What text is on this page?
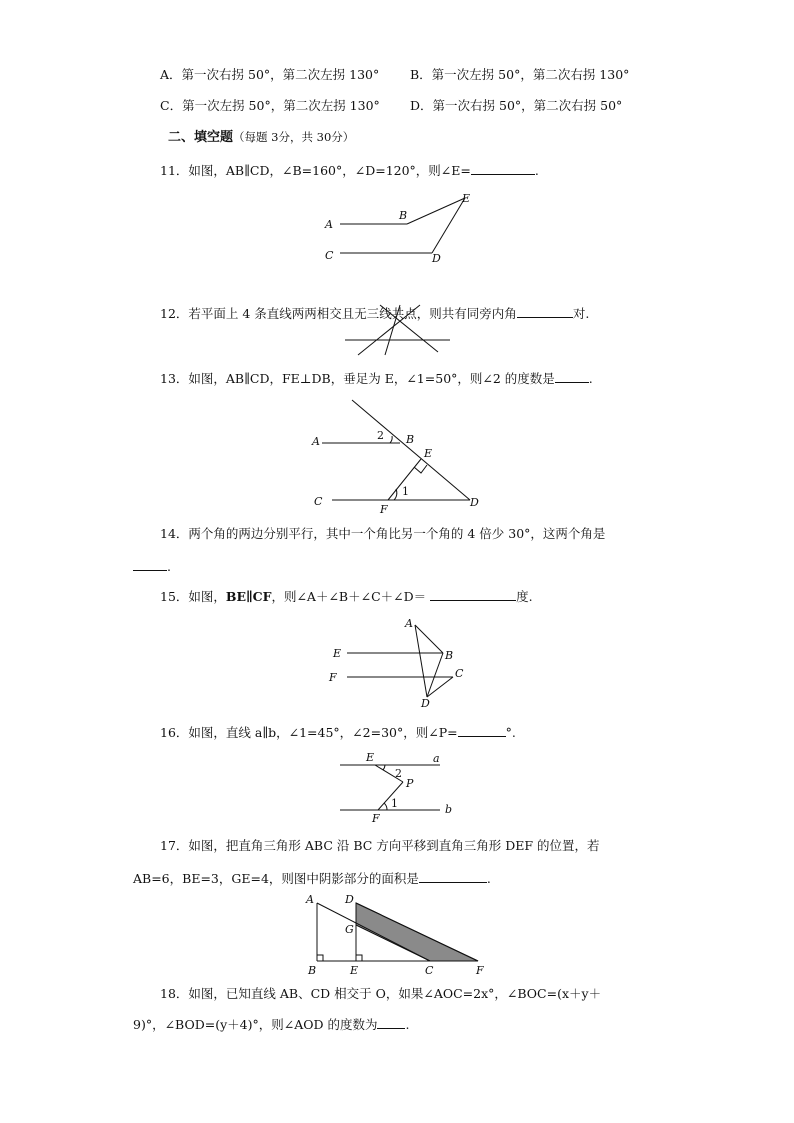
A．第一次右拐 50°，第二次左拐 130° B．第一次左拐 50°，第二次右拐 130°
C．第一次左拐 50°，第二次左拐 130° D．第一次右拐 50°，第二次右拐 50°
二、填空题（每题 3分，共 30分）
11．如图，AB∥CD，∠B=160°，∠D=120°，则∠E=	.
A
B
E
C	D
12．若平面上 4 条直线两两相交且无三线共点，则共有同旁内角	对.
13．如图，AB∥CD，FE⊥DB，垂足为 E，∠1=50°，则∠2 的度数是	.
A	B
E
C
F
D
1
2
14．两个角的两边分别平行，其中一个角比另一个角的 4 倍少 30°，这两个角是
.
15．如图，BE∥CF，则∠A＋∠B＋∠C＋∠D＝	度.
E
F
A
B
C
D
16．如图，直线 a∥b，∠1=45°，∠2=30°，则∠P=	°.
E	a
2
P
1	b
F
17．如图，把直角三角形 ABC 沿 BC 方向平移到直角三角形 DEF 的位置，若
AB=6，BE=3，GE=4，则图中阴影部分的面积是	.
A	D
G
B	E	C	F
18．如图，已知直线 AB、CD 相交于 O，如果∠AOC=2x°，∠BOC=(x＋y＋
9)°，∠BOD=(y＋4)°，则∠AOD 的度数为 .
